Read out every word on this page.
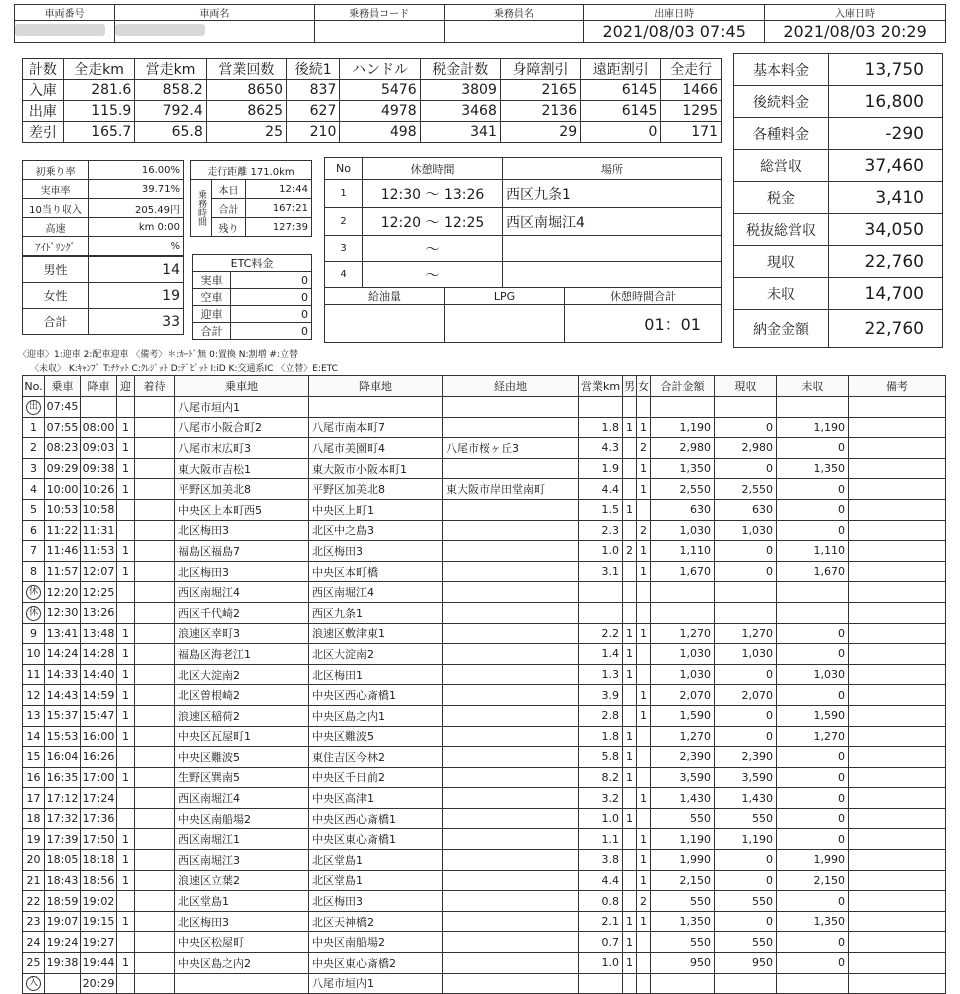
車両番号	車両名	乗務員コード	乗務員名	出庫日時	入庫日時
				2021/08/03 07:45	2021/08/03 20:29
計数	全走km	営走km	営業回数	後続1	ハンドル	税金計数	身障割引	遠距割引	全走行
入庫	281.6	858.2	8650	837	5476	3809	2165	6145	1466
出庫	115.9	792.4	8625	627	4978	3468	2136	6145	1295
差引	165.7	65.8	25	210	498	341	29	0	171
基本料金	13,750
後続料金	16,800
各種料金	-290
総営収	37,460
税金	3,410
税抜総営収	34,050
現収	22,760
未収	14,700
納金金額	22,760
初乗り率	16.00%
実車率	39.71%
10当り収入	205.49円
高速	km 0:00
ｱｲﾄﾞﾘﾝｸﾞ	%
走行距離 171.0km		
乗務時間	本日	12:44
	合計	167:21
	残り	127:39
No	休憩時間	場所
1	12:30 ～ 13:26	西区九条1
2	12:20 ～ 12:25	西区南堀江4
3	～	
4	～	
給油量	LPG	休憩時間合計
		01：01
男性	14
女性	19
合計	33
ETC料金	
実車	0
空車	0
迎車	0
合計	0
〈迎車〉1:迎車 2:配車迎車 〈備考〉＊:ｶｰﾄﾞ無 0:置換 N:割増 #:立替
〈未収〉 K:ｷｬﾝﾌﾟ T:ﾁｹｯﾄ C:ｸﾚｼﾞｯﾄ D:ﾃﾞﾋﾞｯﾄ I:iD K:交通系IC 〈立替〉E:ETC
No.	乗車	降車	迎	着待	乗車地	降車地	経由地	営業km	男	女	合計金額	現収	未収	備考
出	07:45				八尾市垣内1									
1	07:55	08:00	1		八尾市小阪合町2	八尾市南本町7		1.8	1	1	1,190	0	1,190	
2	08:23	09:03	1		八尾市末広町3	八尾市美園町4	八尾市桜ヶ丘3	4.3		2	2,980	2,980	0	
3	09:29	09:38	1		東大阪市吉松1	東大阪市小阪本町1		1.9		1	1,350	0	1,350	
4	10:00	10:26	1		平野区加美北8	平野区加美北8	東大阪市岸田堂南町	4.4		1	2,550	2,550	0	
5	10:53	10:58			中央区上本町西5	中央区上町1		1.5	1		630	630	0	
6	11:22	11:31			北区梅田3	北区中之島3		2.3		2	1,030	1,030	0	
7	11:46	11:53	1		福島区福島7	北区梅田3		1.0	2	1	1,110	0	1,110	
8	11:57	12:07	1		北区梅田3	中央区本町橋		3.1		1	1,670	0	1,670	
休	12:20	12:25			西区南堀江4	西区南堀江4								
休	12:30	13:26			西区千代崎2	西区九条1								
9	13:41	13:48	1		浪速区幸町3	浪速区敷津東1		2.2	1	1	1,270	1,270	0	
10	14:24	14:28	1		福島区海老江1	北区大淀南2		1.4	1		1,030	1,030	0	
11	14:33	14:40	1		北区大淀南2	北区梅田1		1.3	1		1,030	0	1,030	
12	14:43	14:59	1		北区曽根崎2	中央区西心斎橋1		3.9		1	2,070	2,070	0	
13	15:37	15:47	1		浪速区稲荷2	中央区島之内1		2.8		1	1,590	0	1,590	
14	15:53	16:00	1		中央区瓦屋町1	中央区難波5		1.8	1		1,270	0	1,270	
15	16:04	16:26			中央区難波5	東住吉区今林2		5.8	1		2,390	2,390	0	
16	16:35	17:00	1		生野区巽南5	中央区千日前2		8.2	1		3,590	3,590	0	
17	17:12	17:24			西区南堀江4	中央区高津1		3.2		1	1,430	1,430	0	
18	17:32	17:36			中央区南船場2	中央区西心斎橋1		1.0	1		550	550	0	
19	17:39	17:50	1		西区南堀江1	中央区東心斎橋1		1.1		1	1,190	1,190	0	
20	18:05	18:18	1		西区南堀江3	北区堂島1		3.8		1	1,990	0	1,990	
21	18:43	18:56	1		浪速区立葉2	北区堂島1		4.4		1	2,150	0	2,150	
22	18:59	19:02			北区堂島1	北区梅田3		0.8		2	550	550	0	
23	19:07	19:15	1		北区梅田3	北区天神橋2		2.1	1	1	1,350	0	1,350	
24	19:24	19:27			中央区松屋町	中央区南船場2		0.7	1		550	550	0	
25	19:38	19:44	1		中央区島之内2	中央区東心斎橋2		1.0	1		950	950	0	
入		20:29				八尾市垣内1								
